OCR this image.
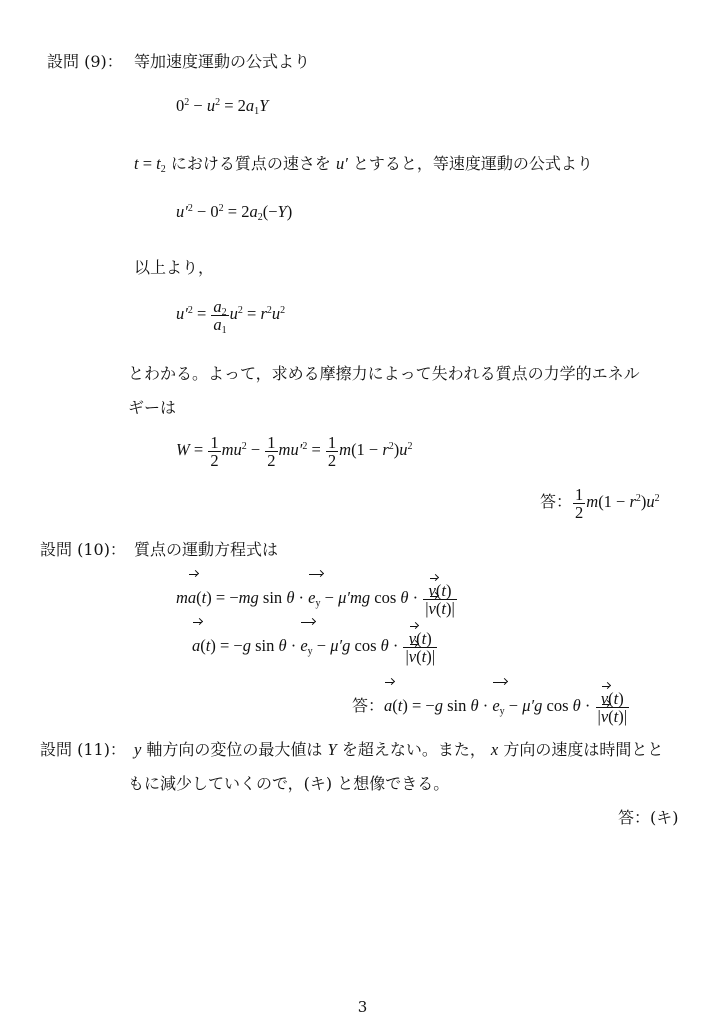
設問 (9)： 等加速度運動の公式より
$0^2 - u^2 = 2a_1Y$
$t = t_2$ における質点の速さを u′ とすると，等速度運動の公式より
$u'^2 - 0^2 = 2a_2(-Y)$
以上より，
$u'^2 = \frac{a_2}{a_1} u^2 = r^2u^2$
とわかる。よって，求める摩擦力によって失われる質点の力学的エネル
ギーは
$W = \frac{1}{2} mu^2 - \frac{1}{2} mu'^2 = \frac{1}{2} m(1 - r^2)u^2$
答： $\frac{1}{2} m(1 - r^2)u^2$
設問 (10)： 質点の運動方程式は
ma(t) = −mg $\sin \theta \cdot e_y - \mu'mg$ $\cos \theta \cdot \frac{v(t)}{|v(t)|}$
a(t) = −g $\sin \theta \cdot e_y - \mu'g$ $\cos \theta \cdot \frac{v(t)}{|v(t)|}$
答：a(t) = −g $\sin \theta \cdot e_y - \mu'g$ $\cos \theta \cdot \frac{v(t)}{|v(t)|}$
設問 (11)： y 軸方向の変位の最大値は Y を超えない。また， x 方向の速度は時間とと
もに減少していくので，(キ) と想像できる。
答：(キ)
3
